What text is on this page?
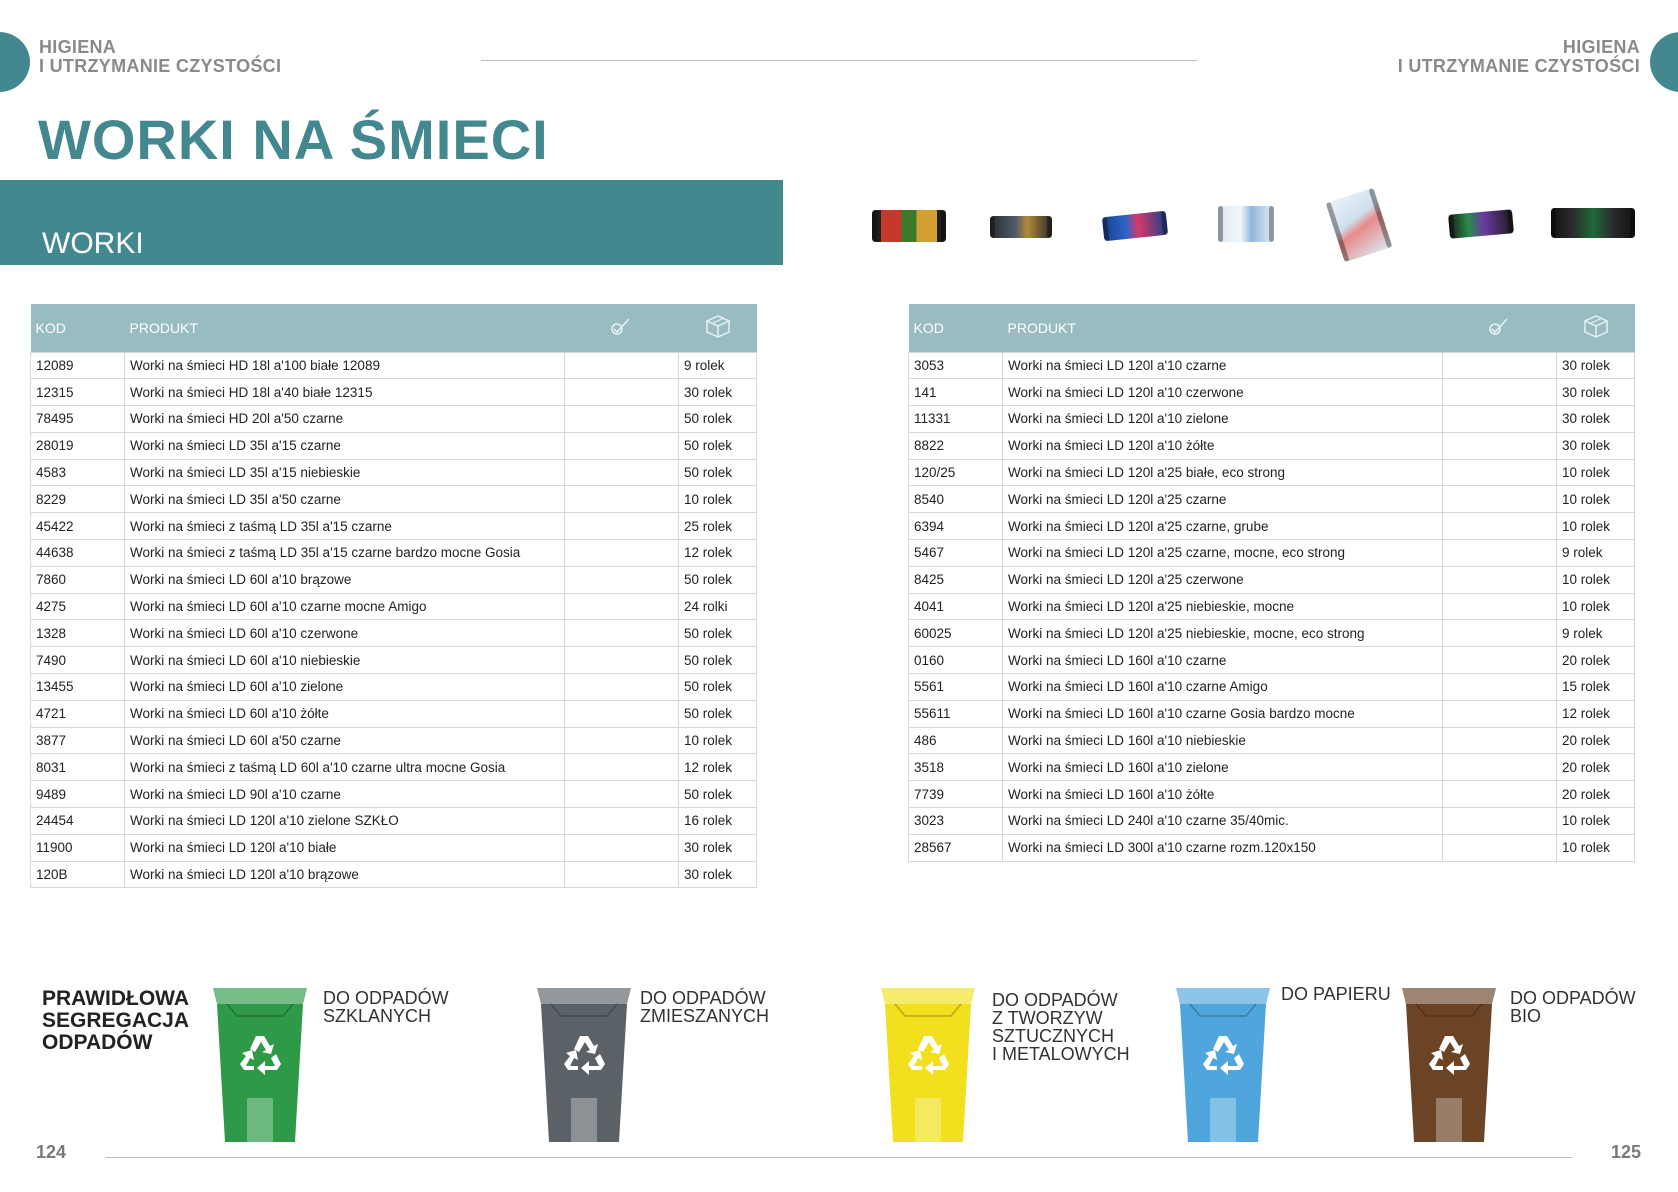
HIGIENA
I UTRZYMANIE CZYSTOŚCI
HIGIENA
I UTRZYMANIE CZYSTOŚCI
WORKI NA ŚMIECI
WORKI
KOD	PRODUKT		
12089	Worki na śmieci HD 18l a'100 białe 12089		9 rolek
12315	Worki na śmieci HD 18l a'40 białe 12315		30 rolek
78495	Worki na śmieci HD 20l a'50 czarne		50 rolek
28019	Worki na śmieci LD 35l a'15 czarne		50 rolek
4583	Worki na śmieci LD 35l a'15 niebieskie		50 rolek
8229	Worki na śmieci LD 35l a'50 czarne		10 rolek
45422	Worki na śmieci z taśmą LD 35l a'15 czarne		25 rolek
44638	Worki na śmieci z taśmą LD 35l a'15 czarne bardzo mocne Gosia		12 rolek
7860	Worki na śmieci LD 60l a'10 brązowe		50 rolek
4275	Worki na śmieci LD 60l a'10 czarne mocne Amigo		24 rolki
1328	Worki na śmieci LD 60l a'10 czerwone		50 rolek
7490	Worki na śmieci LD 60l a'10 niebieskie		50 rolek
13455	Worki na śmieci LD 60l a'10 zielone		50 rolek
4721	Worki na śmieci LD 60l a'10 żółte		50 rolek
3877	Worki na śmieci LD 60l a'50 czarne		10 rolek
8031	Worki na śmieci z taśmą LD 60l a'10 czarne ultra mocne Gosia		12 rolek
9489	Worki na śmieci LD 90l a'10 czarne		50 rolek
24454	Worki na śmieci LD 120l a'10 zielone SZKŁO		16 rolek
11900	Worki na śmieci LD 120l a'10 białe		30 rolek
120B	Worki na śmieci LD 120l a'10 brązowe		30 rolek
KOD	PRODUKT		
3053	Worki na śmieci LD 120l a'10 czarne		30 rolek
141	Worki na śmieci LD 120l a'10 czerwone		30 rolek
11331	Worki na śmieci LD 120l a'10 zielone		30 rolek
8822	Worki na śmieci LD 120l a'10 żółte		30 rolek
120/25	Worki na śmieci LD 120l a'25 białe, eco strong		10 rolek
8540	Worki na śmieci LD 120l a'25 czarne		10 rolek
6394	Worki na śmieci LD 120l a'25 czarne, grube		10 rolek
5467	Worki na śmieci LD 120l a'25 czarne, mocne, eco strong		9 rolek
8425	Worki na śmieci LD 120l a'25 czerwone		10 rolek
4041	Worki na śmieci LD 120l a'25 niebieskie, mocne		10 rolek
60025	Worki na śmieci LD 120l a'25 niebieskie, mocne, eco strong		9 rolek
0160	Worki na śmieci LD 160l a'10 czarne		20 rolek
5561	Worki na śmieci LD 160l a'10 czarne Amigo		15 rolek
55611	Worki na śmieci LD 160l a'10 czarne Gosia bardzo mocne		12 rolek
486	Worki na śmieci LD 160l a'10 niebieskie		20 rolek
3518	Worki na śmieci LD 160l a'10 zielone		20 rolek
7739	Worki na śmieci LD 160l a'10 żółte		20 rolek
3023	Worki na śmieci LD 240l a'10 czarne 35/40mic.		10 rolek
28567	Worki na śmieci LD 300l a'10 czarne rozm.120x150		10 rolek
PRAWIDŁOWA
SEGREGACJA
ODPADÓW
DO ODPADÓW
SZKLANYCH
DO ODPADÓW
ZMIESZANYCH
DO ODPADÓW
Z TWORZYW
SZTUCZNYCH
I METALOWYCH
DO PAPIERU	DO ODPADÓW
BIO
124	125
